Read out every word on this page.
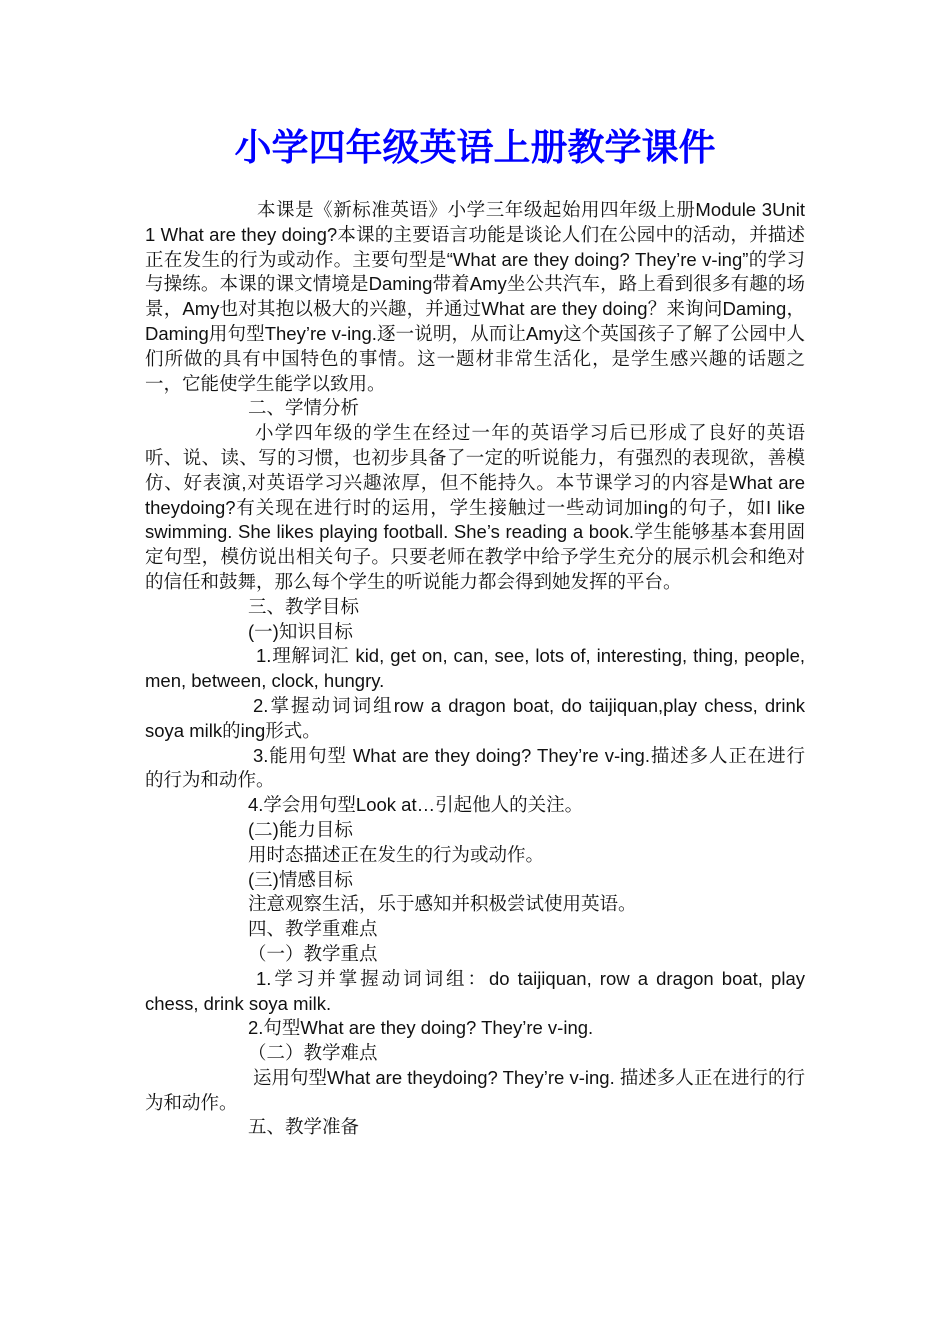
小学四年级英语上册教学课件

本课是《新标准英语》小学三年级起始用四年级上册Module 3Unit 1 What are they doing?本课的主要语言功能是谈论人们在公园中的活动，并描述正在发生的行为或动作。主要句型是“What are they doing? They’re v-ing”的学习与操练。本课的课文情境是Daming带着Amy坐公共汽车，路上看到很多有趣的场景，Amy也对其抱以极大的兴趣，并通过What are they doing？来询问Daming，Daming用句型They’re v-ing.逐一说明，从而让Amy这个英国孩子了解了公园中人们所做的具有中国特色的事情。这一题材非常生活化，是学生感兴趣的话题之一，它能使学生能学以致用。

二、学情分析

小学四年级的学生在经过一年的英语学习后已形成了良好的英语听、说、读、写的习惯，也初步具备了一定的听说能力，有强烈的表现欲，善模仿、好表演,对英语学习兴趣浓厚，但不能持久。本节课学习的内容是What are theydoing?有关现在进行时的运用，学生接触过一些动词加ing的句子，如I like swimming. She likes playing football. She’s reading a book.学生能够基本套用固定句型，模仿说出相关句子。只要老师在教学中给予学生充分的展示机会和绝对的信任和鼓舞，那么每个学生的听说能力都会得到她发挥的平台。

三、教学目标

(一)知识目标

1.理解词汇 kid, get on, can, see, lots of, interesting, thing, people, men, between, clock, hungry.

2.掌握动词词组row a dragon boat, do taijiquan,play chess, drink soya milk的ing形式。

3.能用句型 What are they doing? They’re v-ing.描述多人正在进行的行为和动作。

4.学会用句型Look at…引起他人的关注。

(二)能力目标

用时态描述正在发生的行为或动作。

(三)情感目标

注意观察生活，乐于感知并积极尝试使用英语。

四、教学重难点

（一）教学重点

1.学习并掌握动词词组：do taijiquan, row a dragon boat, play chess, drink soya milk.

2.句型What are they doing? They’re v-ing.

（二）教学难点

运用句型What are theydoing? They’re v-ing. 描述多人正在进行的行为和动作。

五、教学准备
